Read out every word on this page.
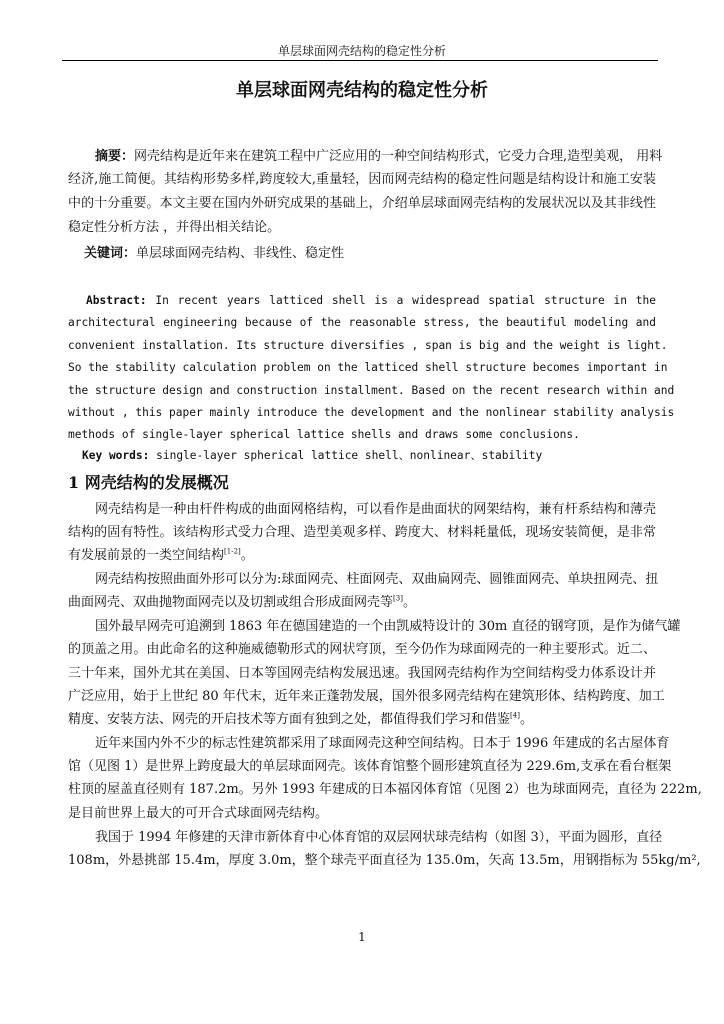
单层球面网壳结构的稳定性分析
单层球面网壳结构的稳定性分析
摘要：网壳结构是近年来在建筑工程中广泛应用的一种空间结构形式，它受力合理,造型美观， 用料
经济,施工简便。其结构形势多样,跨度较大,重量轻，因而网壳结构的稳定性问题是结构设计和施工安装
中的十分重要。本文主要在国内外研究成果的基础上，介绍单层球面网壳结构的发展状况以及其非线性
稳定性分析方法 ，并得出相关结论。
关键词：单层球面网壳结构、非线性、稳定性
Abstract: In recent years latticed shell is a widespread spatial structure in the
architectural engineering because of the reasonable stress, the beautiful modeling and
convenient installation. Its structure diversifies , span is big and the weight is light.
So the stability calculation problem on the latticed shell structure becomes important in
the structure design and construction installment. Based on the recent research within and
without , this paper mainly introduce the development and the nonlinear stability analysis
methods of single-layer spherical lattice shells and draws some conclusions.
Key words: single-layer spherical lattice shell、nonlinear、stability
1 网壳结构的发展概况
网壳结构是一种由杆件构成的曲面网格结构，可以看作是曲面状的网架结构，兼有杆系结构和薄壳
结构的固有特性。该结构形式受力合理、造型美观多样、跨度大、材料耗量低，现场安装简便，是非常
有发展前景的一类空间结构[1-2]。
网壳结构按照曲面外形可以分为:球面网壳、柱面网壳、双曲扁网壳、圆锥面网壳、单块扭网壳、扭
曲面网壳、双曲抛物面网壳以及切割或组合形成面网壳等[3]。
国外最早网壳可追溯到 1863 年在德国建造的一个由凯威特设计的 30m 直径的钢穹顶，是作为储气罐
的顶盖之用。由此命名的这种施威德勒形式的网状穹顶，至今仍作为球面网壳的一种主要形式。近二、
三十年来，国外尤其在美国、日本等国网壳结构发展迅速。我国网壳结构作为空间结构受力体系设计并
广泛应用，始于上世纪 80 年代末，近年来正蓬勃发展，国外很多网壳结构在建筑形体、结构跨度、加工
精度、安装方法、网壳的开启技术等方面有独到之处，都值得我们学习和借鉴[4]。
近年来国内外不少的标志性建筑都采用了球面网壳这种空间结构。日本于 1996 年建成的名古屋体育
馆（见图 1）是世界上跨度最大的单层球面网壳。该体育馆整个圆形建筑直径为 229.6m,支承在看台框架
柱顶的屋盖直径则有 187.2m。另外 1993 年建成的日本福冈体育馆（见图 2）也为球面网壳，直径为 222m,
是目前世界上最大的可开合式球面网壳结构。
我国于 1994 年修建的天津市新体育中心体育馆的双层网状球壳结构（如图 3），平面为圆形，直径
108m，外悬挑部 15.4m，厚度 3.0m，整个球壳平面直径为 135.0m，矢高 13.5m，用钢指标为 55kg/m²,
1
